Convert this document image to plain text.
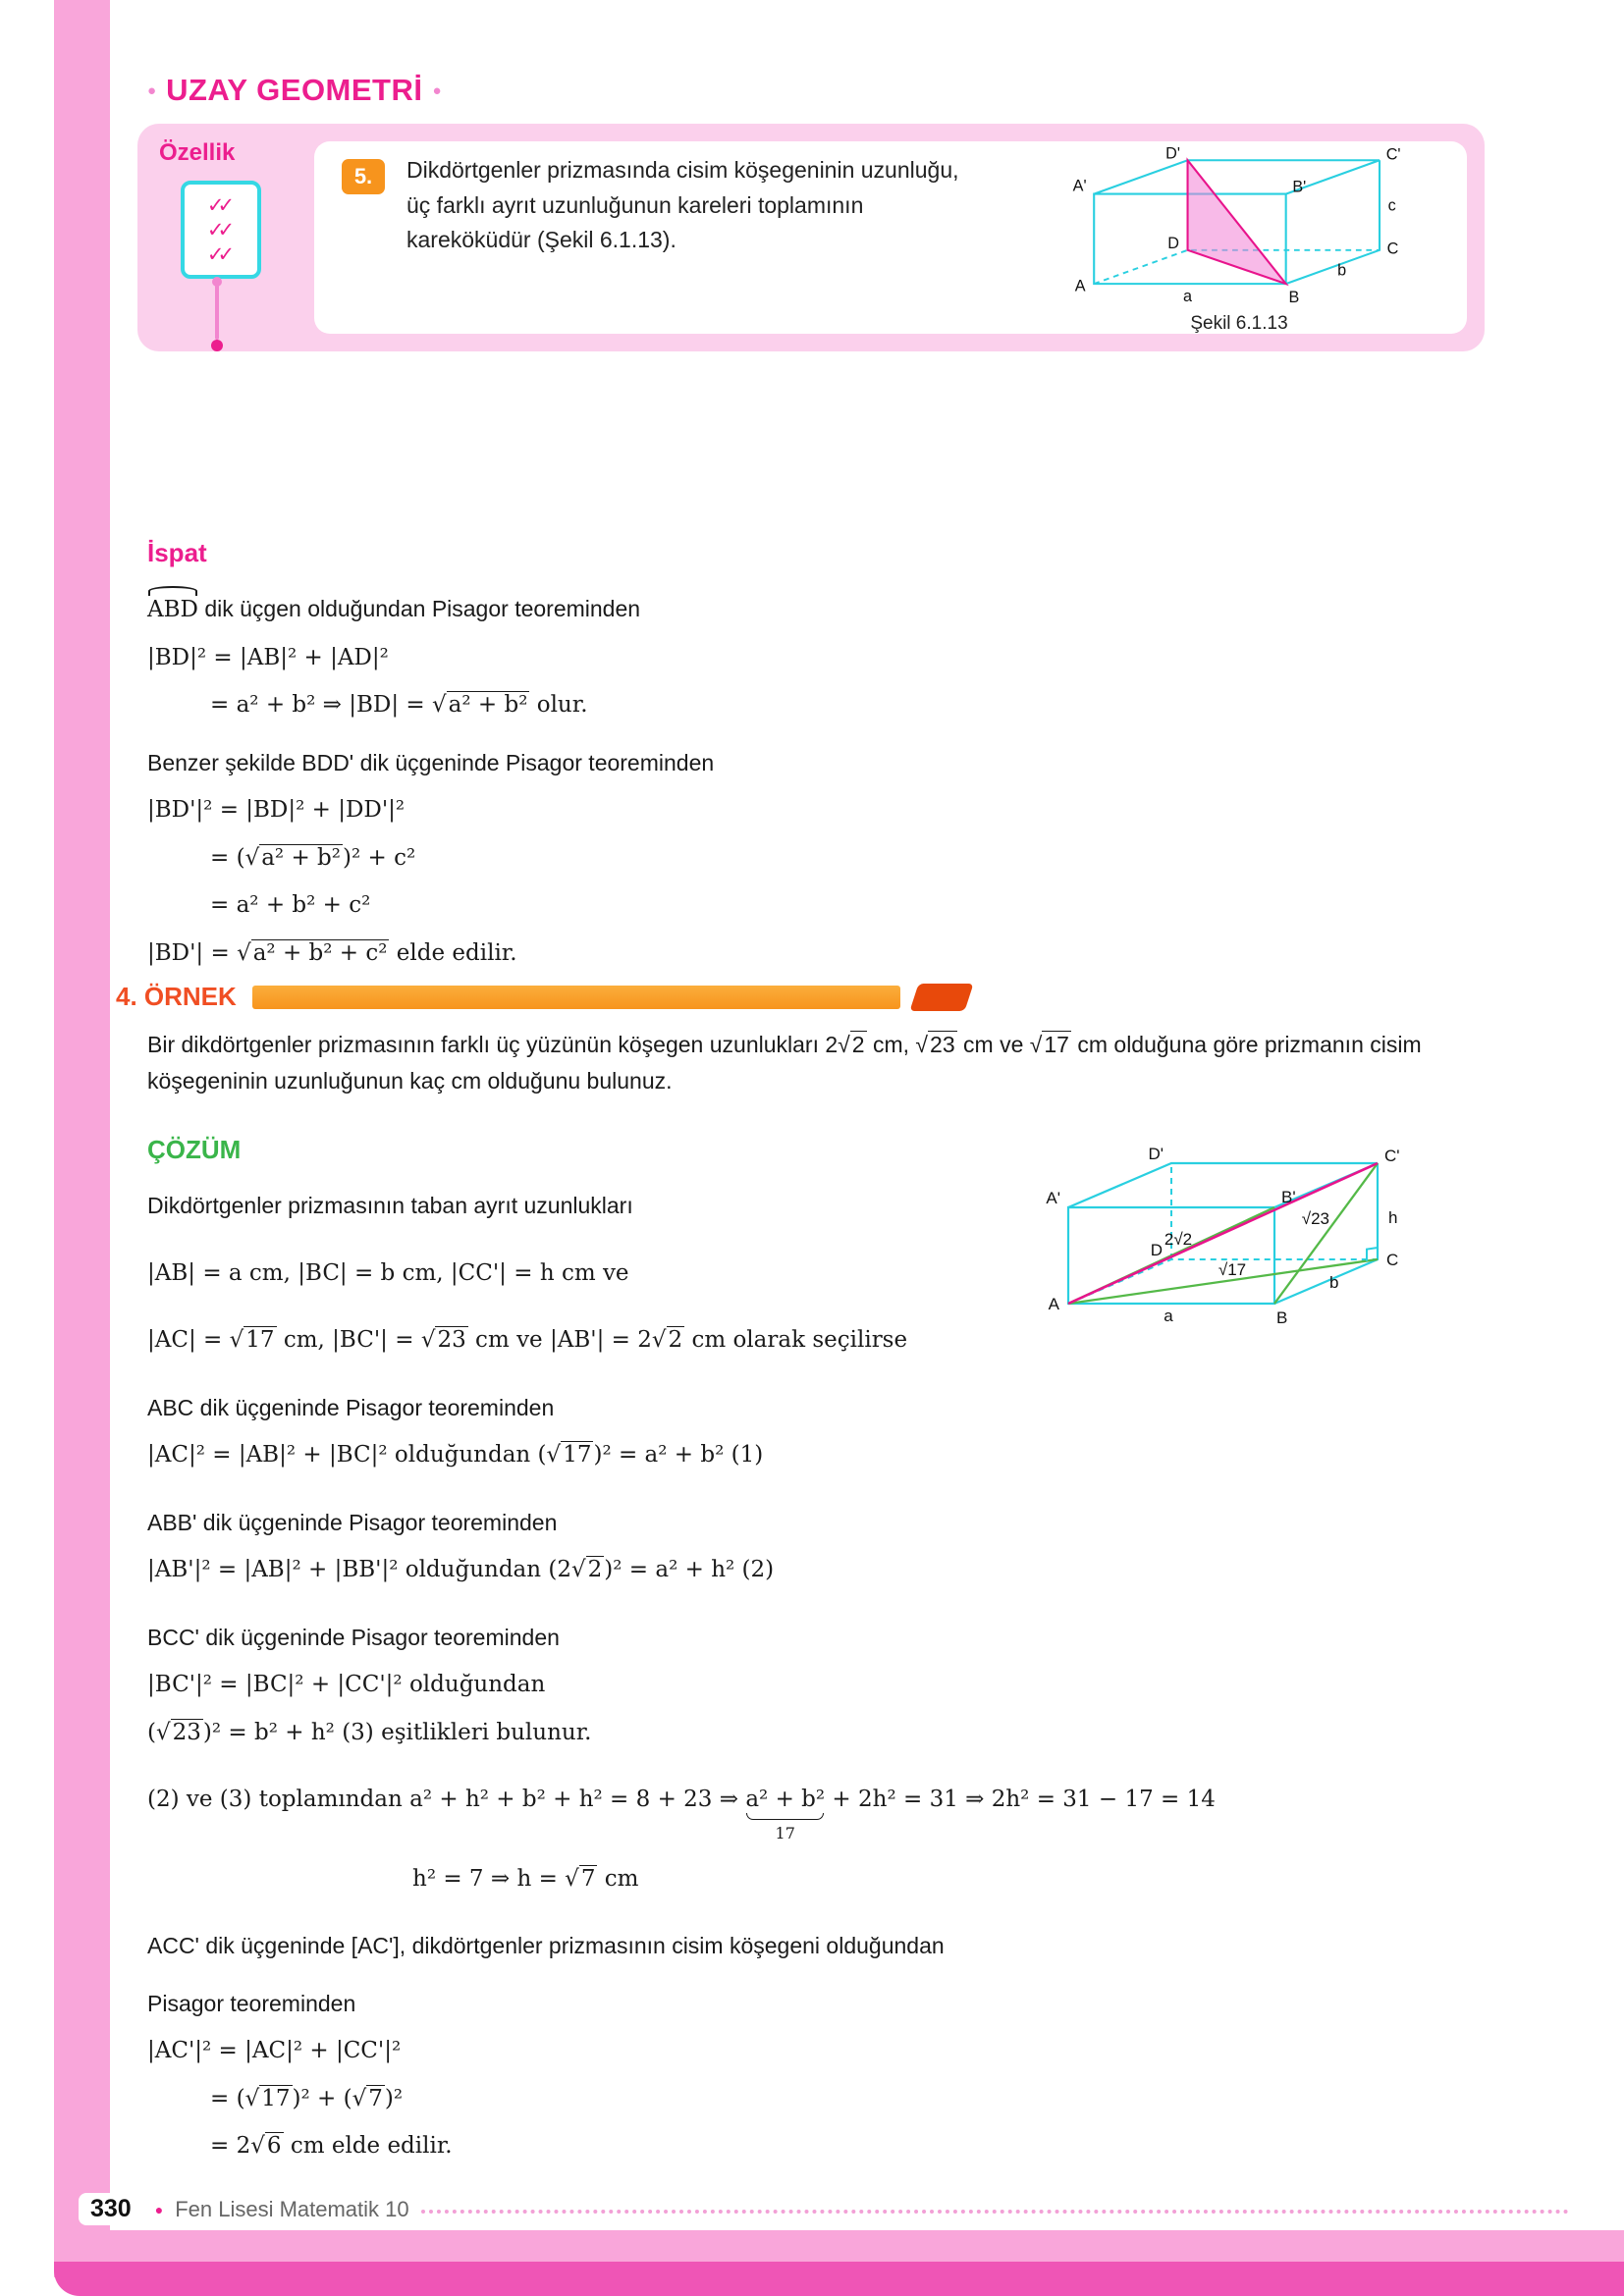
● UZAY GEOMETRİ ●
Özellik
✓✓
✓✓
✓✓
5.	Dikdörtgenler prizmasında cisim köşegeninin uzunluğu, üç farklı ayrıt uzunluğunun kareleri toplamının kareköküdür (Şekil 6.1.13).

D'	C'
A'	B'
c
D	C
A
a	B
b
Şekil 6.1.13
İspat
ABD dik üçgen olduğundan Pisagor teoreminden
|BD|² = |AB|² + |AD|²
= a² + b² ⇒ |BD| = √a² + b² olur.
Benzer şekilde BDD' dik üçgeninde Pisagor teoreminden
|BD'|² = |BD|² + |DD'|²
= (√a² + b²)² + c²
= a² + b² + c²
|BD'| = √a² + b² + c² elde edilir.
4. ÖRNEK

Bir dikdörtgenler prizmasının farklı üç yüzünün köşegen uzunlukları 2√2 cm, √23 cm ve √17 cm olduğuna göre prizmanın cisim köşegeninin uzunluğunun kaç cm olduğunu bulunuz.

ÇÖZÜM

Dikdörtgenler prizmasının taban ayrıt uzunlukları

|AB| = a cm, |BC| = b cm, |CC'| = h cm ve
|AC| = √17 cm, |BC'| = √23 cm ve |AB'| = 2√2 cm olarak seçilirse

ABC dik üçgeninde Pisagor teoreminden

|AC|² = |AB|² + |BC|² olduğundan (√17)² = a² + b² (1)

ABB' dik üçgeninde Pisagor teoreminden

|AB'|² = |AB|² + |BB'|² olduğundan (2√2)² = a² + h² (2)

BCC' dik üçgeninde Pisagor teoreminden

|BC'|² = |BC|² + |CC'|² olduğundan
(√23)² = b² + h² (3) eşitlikleri bulunur.
(2) ve (3) toplamından a² + h² + b² + h² = 8 + 23 ⇒ a² + b²
17
+ 2h² = 31 ⇒ 2h² = 31 − 17 = 14
h² = 7 ⇒ h = √7 cm

ACC' dik üçgeninde [AC'], dikdörtgenler prizmasının cisim köşegeni olduğundan

Pisagor teoreminden

|AC'|² = |AC|² + |CC'|²
= (√17)² + (√7)²
= 2√6 cm elde edilir.
D'	C'
A'	B'
√23	h
D
2√2
√17
C
A
a	B
b
330	● Fen Lisesi Matematik 10
